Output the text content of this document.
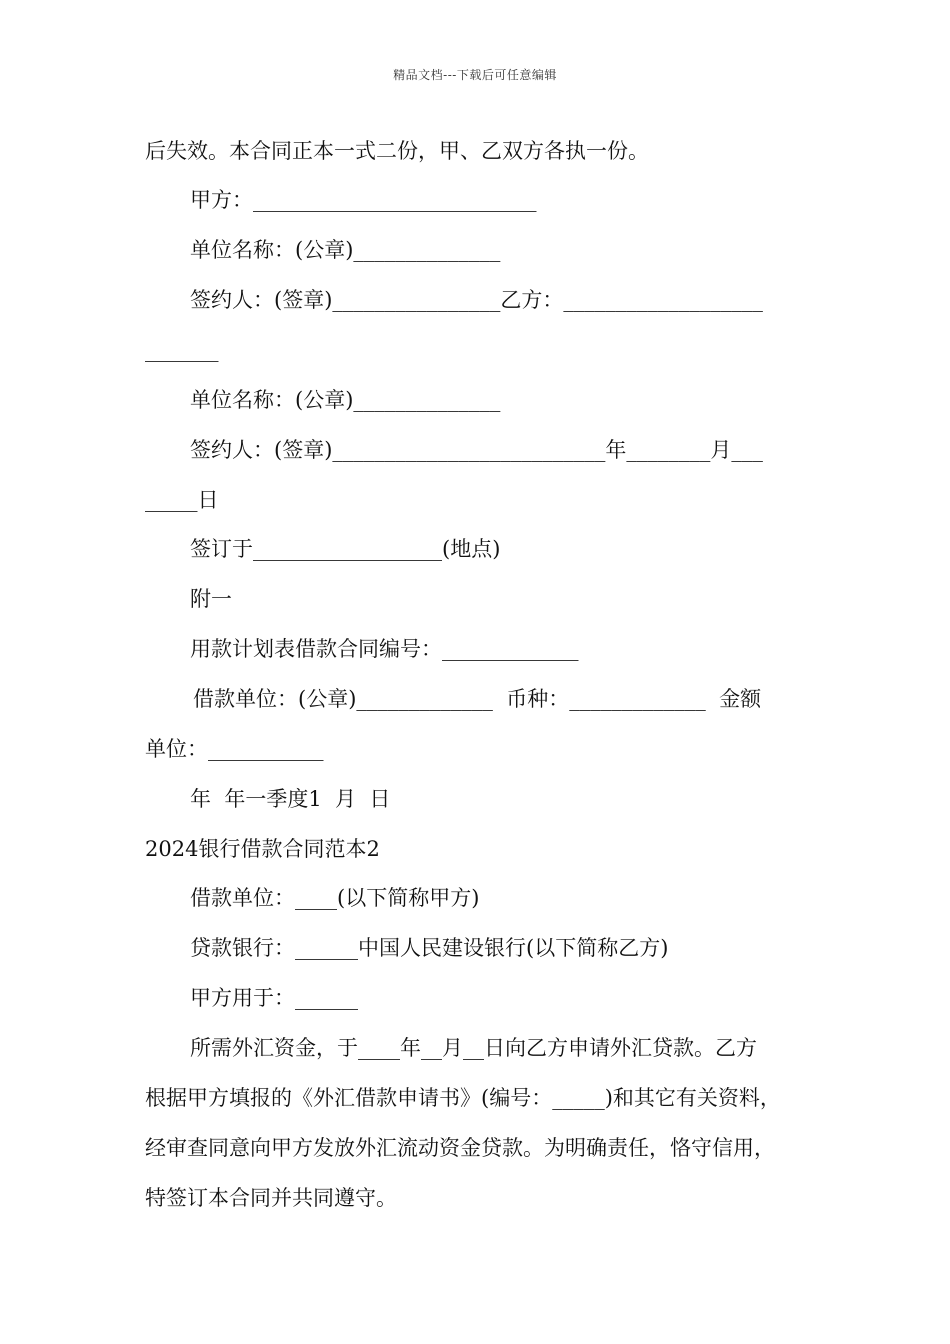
精品文档---下载后可任意编辑
后失效。本合同正本一式二份，甲、乙双方各执一份。
甲方：___________________________
单位名称：(公章)______________
签约人：(签章)________________乙方：___________________
_______
单位名称：(公章)______________
签约人：(签章)__________________________年________月___
_____日
签订于__________________(地点)
附一
用款计划表借款合同编号：_____________
借款单位：(公章)_____________  币种：_____________  金额
单位：___________
年  年一季度1  月  日
2024银行借款合同范本2
借款单位：____(以下简称甲方)
贷款银行：______中国人民建设银行(以下简称乙方)
甲方用于：______
所需外汇资金，于____年__月__日向乙方申请外汇贷款。乙方
根据甲方填报的《外汇借款申请书》(编号：_____)和其它有关资料，
经审查同意向甲方发放外汇流动资金贷款。为明确责任，恪守信用，
特签订本合同并共同遵守。
